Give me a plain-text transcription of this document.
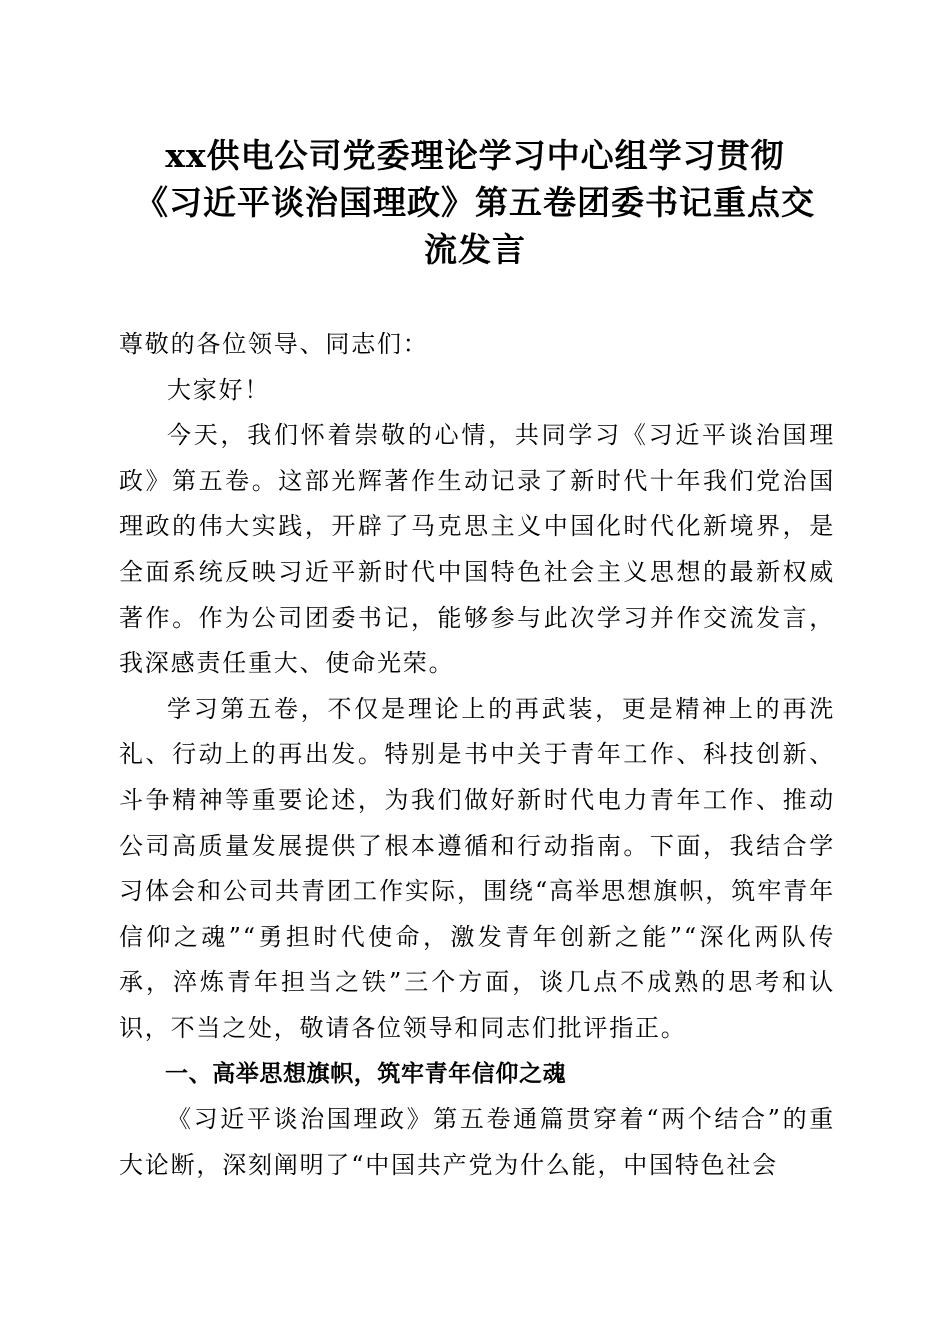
xx供电公司党委理论学习中心组学习贯彻
《习近平谈治国理政》第五卷团委书记重点交
流发言

尊敬的各位领导、同志们：

大家好！

今天，我们怀着崇敬的心情，共同学习《习近平谈治国理政》第五卷。这部光辉著作生动记录了新时代十年我们党治国理政的伟大实践，开辟了马克思主义中国化时代化新境界，是全面系统反映习近平新时代中国特色社会主义思想的最新权威著作。作为公司团委书记，能够参与此次学习并作交流发言，我深感责任重大、使命光荣。

学习第五卷，不仅是理论上的再武装，更是精神上的再洗礼、行动上的再出发。特别是书中关于青年工作、科技创新、斗争精神等重要论述，为我们做好新时代电力青年工作、推动公司高质量发展提供了根本遵循和行动指南。下面，我结合学习体会和公司共青团工作实际，围绕“高举思想旗帜，筑牢青年信仰之魂”“勇担时代使命，激发青年创新之能”“深化两队传承，淬炼青年担当之铁”三个方面，谈几点不成熟的思考和认识，不当之处，敬请各位领导和同志们批评指正。

一、高举思想旗帜，筑牢青年信仰之魂

《习近平谈治国理政》第五卷通篇贯穿着“两个结合”的重大论断，深刻阐明了“中国共产党为什么能，中国特色社会
